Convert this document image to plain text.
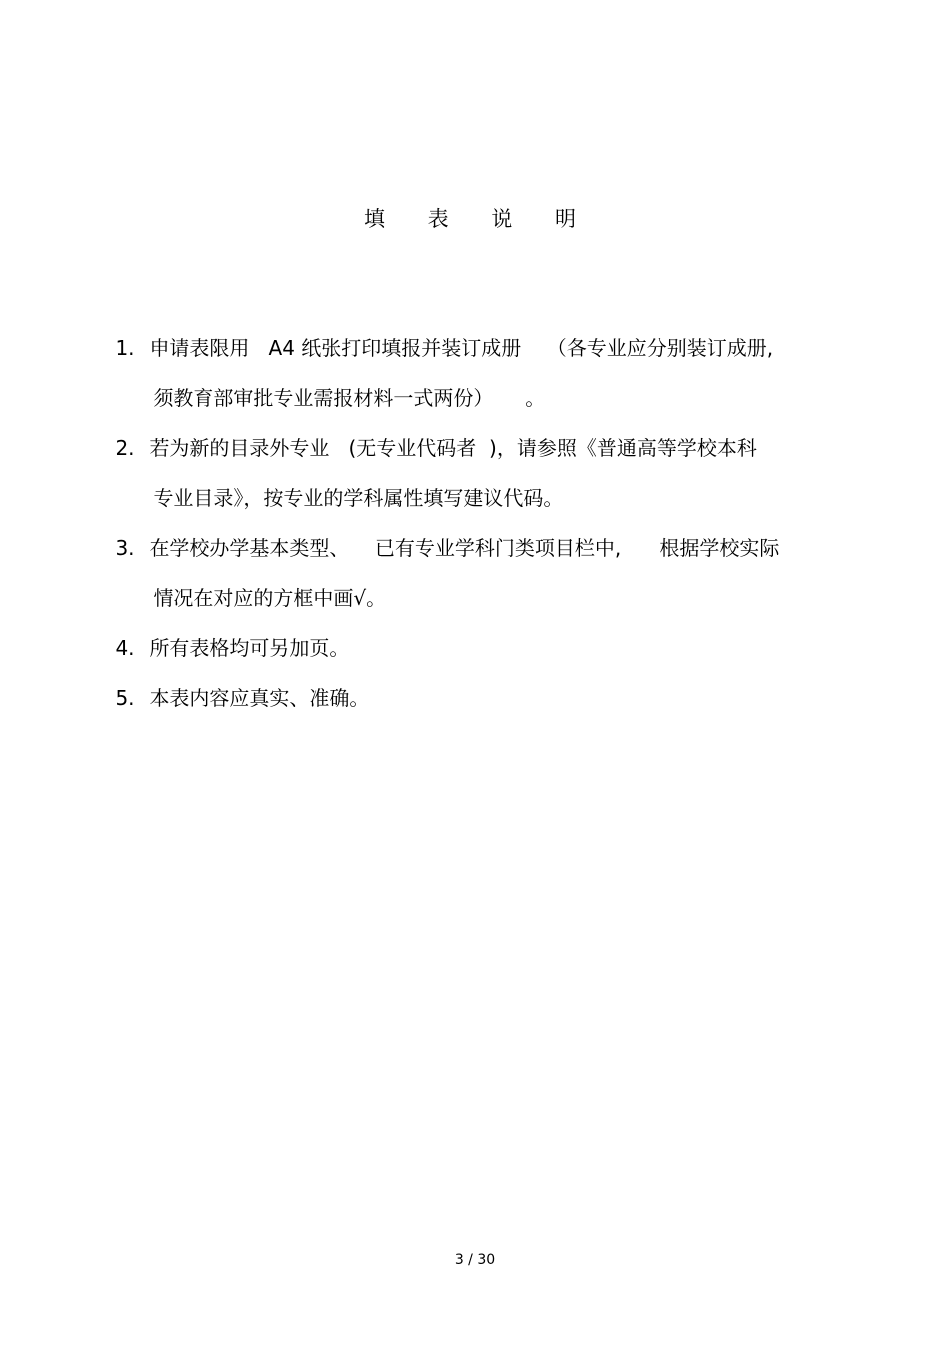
填 表 说 明

1. 申请表限用   A4 纸张打印填报并装订成册    （各专业应分别装订成册,

须教育部审批专业需报材料一式两份）     。

2. 若为新的目录外专业   (无专业代码者  )，请参照《普通高等学校本科

专业目录》，按专业的学科属性填写建议代码。

3. 在学校办学基本类型、    已有专业学科门类项目栏中,      根据学校实际

情况在对应的方框中画√。

4. 所有表格均可另加页。

5. 本表内容应真实、准确。

3 / 30
